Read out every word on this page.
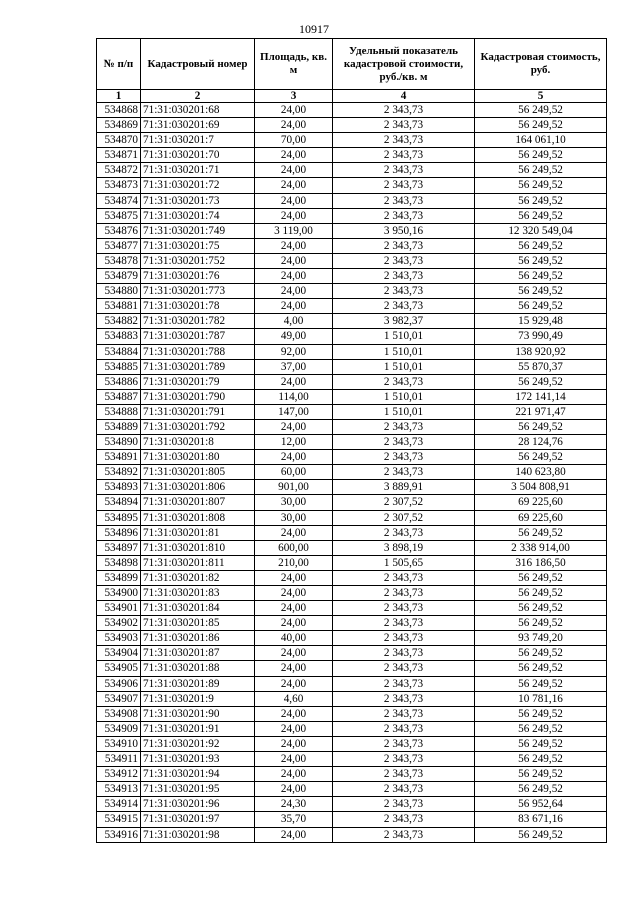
10917
№ п/п	Кадастровый номер	Площадь, кв. м	Удельный показатель кадастровой стоимости, руб./кв. м	Кадастровая стоимость, руб.
1	2	3	4	5
534868	71:31:030201:68	24,00	2 343,73	56 249,52
534869	71:31:030201:69	24,00	2 343,73	56 249,52
534870	71:31:030201:7	70,00	2 343,73	164 061,10
534871	71:31:030201:70	24,00	2 343,73	56 249,52
534872	71:31:030201:71	24,00	2 343,73	56 249,52
534873	71:31:030201:72	24,00	2 343,73	56 249,52
534874	71:31:030201:73	24,00	2 343,73	56 249,52
534875	71:31:030201:74	24,00	2 343,73	56 249,52
534876	71:31:030201:749	3 119,00	3 950,16	12 320 549,04
534877	71:31:030201:75	24,00	2 343,73	56 249,52
534878	71:31:030201:752	24,00	2 343,73	56 249,52
534879	71:31:030201:76	24,00	2 343,73	56 249,52
534880	71:31:030201:773	24,00	2 343,73	56 249,52
534881	71:31:030201:78	24,00	2 343,73	56 249,52
534882	71:31:030201:782	4,00	3 982,37	15 929,48
534883	71:31:030201:787	49,00	1 510,01	73 990,49
534884	71:31:030201:788	92,00	1 510,01	138 920,92
534885	71:31:030201:789	37,00	1 510,01	55 870,37
534886	71:31:030201:79	24,00	2 343,73	56 249,52
534887	71:31:030201:790	114,00	1 510,01	172 141,14
534888	71:31:030201:791	147,00	1 510,01	221 971,47
534889	71:31:030201:792	24,00	2 343,73	56 249,52
534890	71:31:030201:8	12,00	2 343,73	28 124,76
534891	71:31:030201:80	24,00	2 343,73	56 249,52
534892	71:31:030201:805	60,00	2 343,73	140 623,80
534893	71:31:030201:806	901,00	3 889,91	3 504 808,91
534894	71:31:030201:807	30,00	2 307,52	69 225,60
534895	71:31:030201:808	30,00	2 307,52	69 225,60
534896	71:31:030201:81	24,00	2 343,73	56 249,52
534897	71:31:030201:810	600,00	3 898,19	2 338 914,00
534898	71:31:030201:811	210,00	1 505,65	316 186,50
534899	71:31:030201:82	24,00	2 343,73	56 249,52
534900	71:31:030201:83	24,00	2 343,73	56 249,52
534901	71:31:030201:84	24,00	2 343,73	56 249,52
534902	71:31:030201:85	24,00	2 343,73	56 249,52
534903	71:31:030201:86	40,00	2 343,73	93 749,20
534904	71:31:030201:87	24,00	2 343,73	56 249,52
534905	71:31:030201:88	24,00	2 343,73	56 249,52
534906	71:31:030201:89	24,00	2 343,73	56 249,52
534907	71:31:030201:9	4,60	2 343,73	10 781,16
534908	71:31:030201:90	24,00	2 343,73	56 249,52
534909	71:31:030201:91	24,00	2 343,73	56 249,52
534910	71:31:030201:92	24,00	2 343,73	56 249,52
534911	71:31:030201:93	24,00	2 343,73	56 249,52
534912	71:31:030201:94	24,00	2 343,73	56 249,52
534913	71:31:030201:95	24,00	2 343,73	56 249,52
534914	71:31:030201:96	24,30	2 343,73	56 952,64
534915	71:31:030201:97	35,70	2 343,73	83 671,16
534916	71:31:030201:98	24,00	2 343,73	56 249,52
